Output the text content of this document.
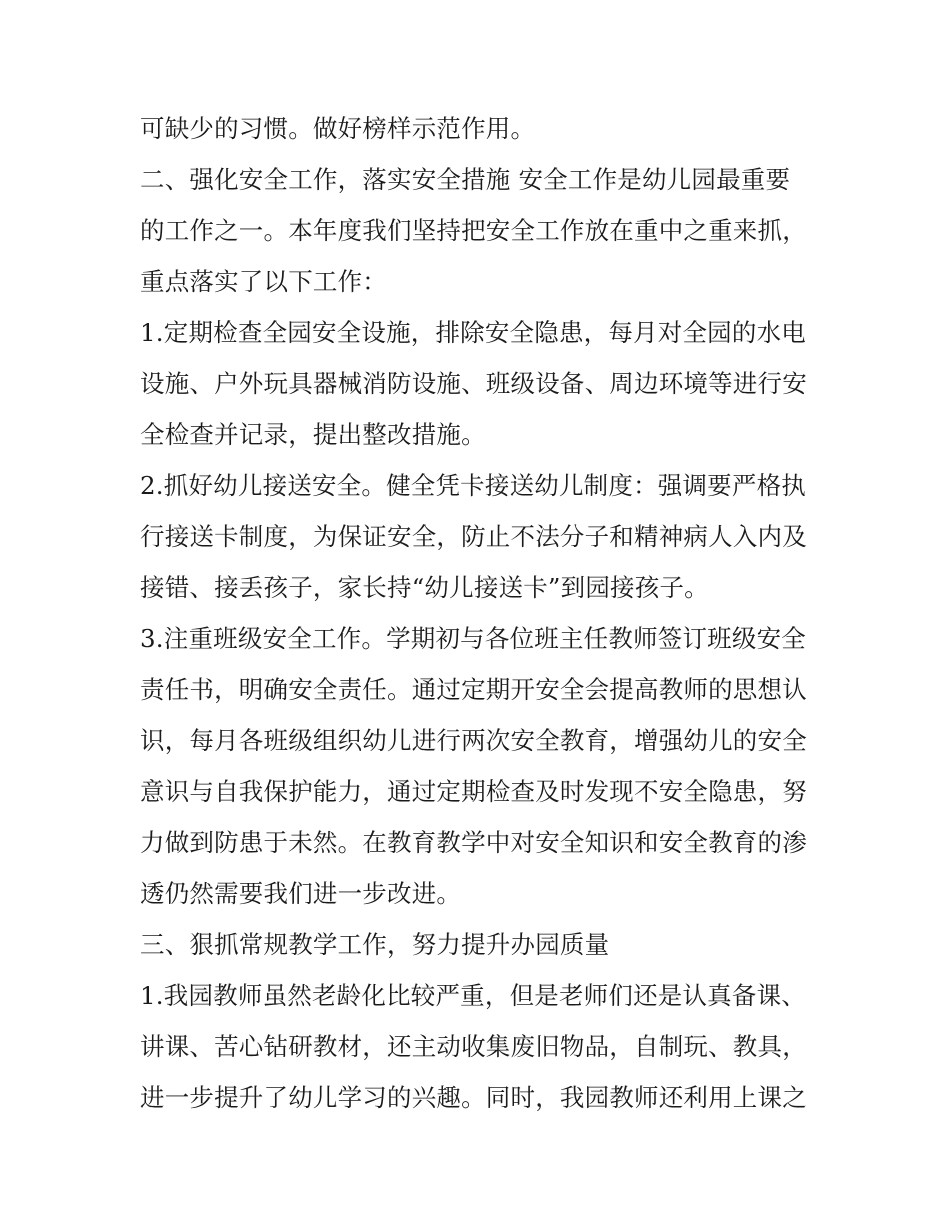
可缺少的习惯。做好榜样示范作用。
二、强化安全工作，落实安全措施 安全工作是幼儿园最重要
的工作之一。本年度我们坚持把安全工作放在重中之重来抓，
重点落实了以下工作：
1.定期检查全园安全设施，排除安全隐患，每月对全园的水电
设施、户外玩具器械消防设施、班级设备、周边环境等进行安
全检查并记录，提出整改措施。
2.抓好幼儿接送安全。健全凭卡接送幼儿制度：强调要严格执
行接送卡制度，为保证安全，防止不法分子和精神病人入内及
接错、接丢孩子，家长持“幼儿接送卡”到园接孩子。
3.注重班级安全工作。学期初与各位班主任教师签订班级安全
责任书，明确安全责任。通过定期开安全会提高教师的思想认
识，每月各班级组织幼儿进行两次安全教育，增强幼儿的安全
意识与自我保护能力，通过定期检查及时发现不安全隐患，努
力做到防患于未然。在教育教学中对安全知识和安全教育的渗
透仍然需要我们进一步改进。
三、狠抓常规教学工作，努力提升办园质量
1.我园教师虽然老龄化比较严重，但是老师们还是认真备课、
讲课、苦心钻研教材，还主动收集废旧物品，自制玩、教具，
进一步提升了幼儿学习的兴趣。同时，我园教师还利用上课之
